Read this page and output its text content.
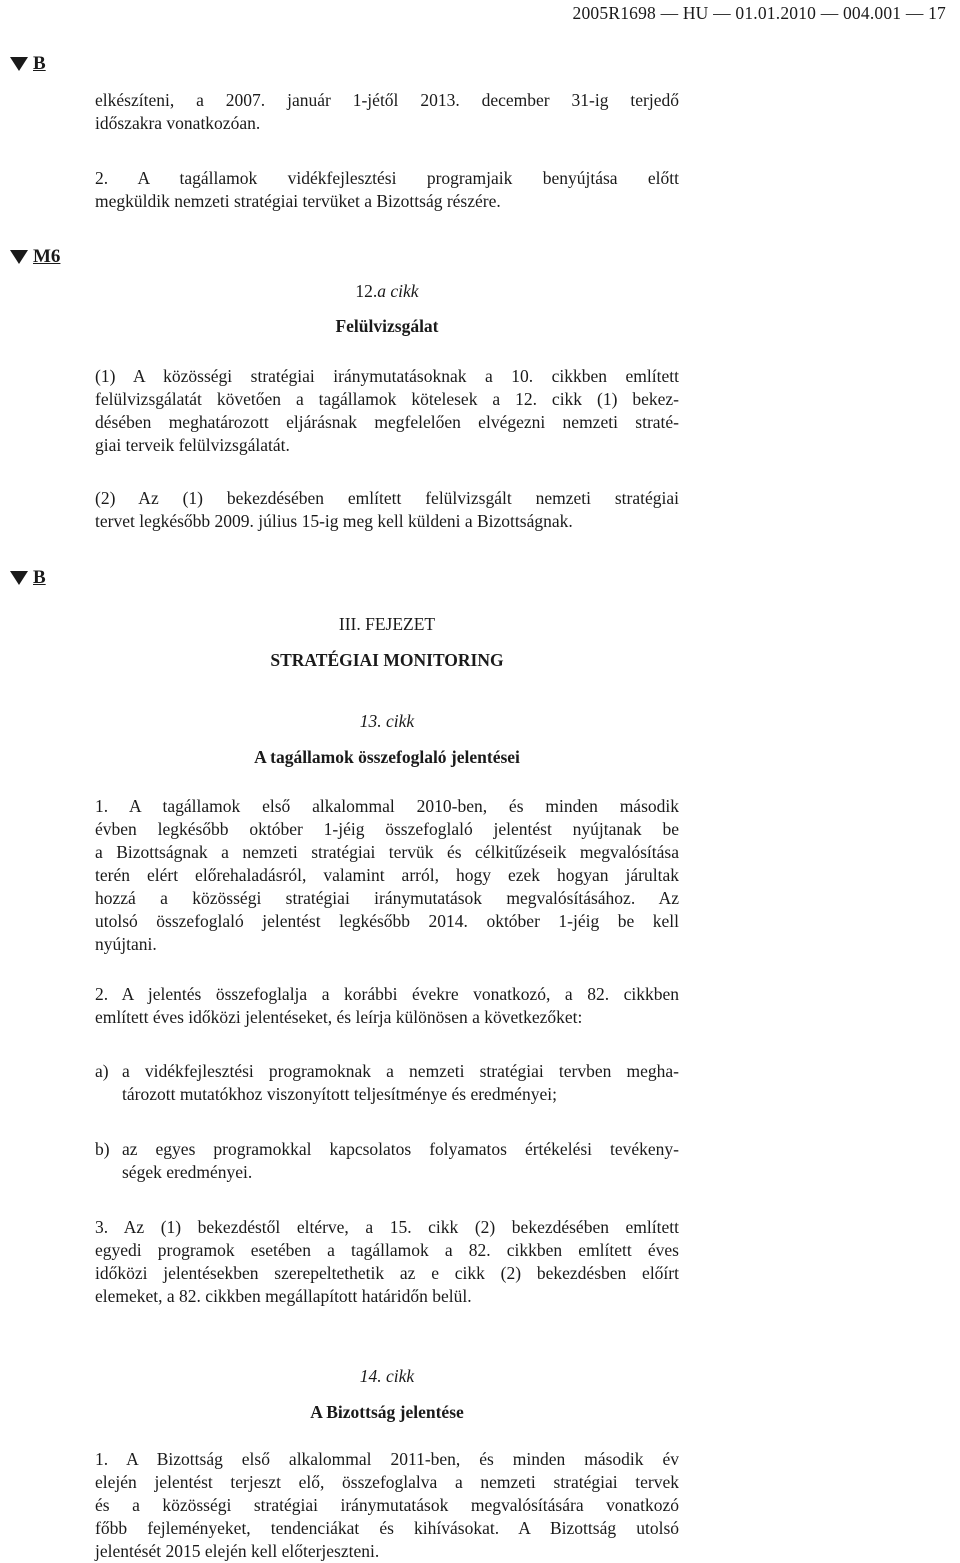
2005R1698 — HU — 01.01.2010 — 004.001 — 17
B
elkészíteni, a 2007. január 1-jétől 2013. december 31-ig terjedő
időszakra vonatkozóan.
2. A tagállamok vidékfejlesztési programjaik benyújtása előtt
megküldik nemzeti stratégiai tervüket a Bizottság részére.
M6

12.a cikk

Felülvizsgálat

(1) A közösségi stratégiai iránymutatásoknak a 10. cikkben említett
felülvizsgálatát követően a tagállamok kötelesek a 12. cikk (1) bekez-
désében meghatározott eljárásnak megfelelően elvégezni nemzeti straté-
giai terveik felülvizsgálatát.
(2) Az (1) bekezdésében említett felülvizsgált nemzeti stratégiai
tervet legkésőbb 2009. július 15-ig meg kell küldeni a Bizottságnak.
B

III. FEJEZET

STRATÉGIAI MONITORING

13. cikk

A tagállamok összefoglaló jelentései

1. A tagállamok első alkalommal 2010-ben, és minden második
évben legkésőbb október 1-jéig összefoglaló jelentést nyújtanak be
a Bizottságnak a nemzeti stratégiai tervük és célkitűzéseik megvalósítása
terén elért előrehaladásról, valamint arról, hogy ezek hogyan járultak
hozzá a közösségi stratégiai iránymutatások megvalósításához. Az
utolsó összefoglaló jelentést legkésőbb 2014. október 1-jéig be kell
nyújtani.
2. A jelentés összefoglalja a korábbi évekre vonatkozó, a 82. cikkben
említett éves időközi jelentéseket, és leírja különösen a következőket:
a) a vidékfejlesztési programoknak a nemzeti stratégiai tervben megha-
tározott mutatókhoz viszonyított teljesítménye és eredményei;
b) az egyes programokkal kapcsolatos folyamatos értékelési tevékeny-
ségek eredményei.
3. Az (1) bekezdéstől eltérve, a 15. cikk (2) bekezdésében említett
egyedi programok esetében a tagállamok a 82. cikkben említett éves
időközi jelentésekben szerepeltethetik az e cikk (2) bekezdésben előírt
elemeket, a 82. cikkben megállapított határidőn belül.

14. cikk

A Bizottság jelentése

1. A Bizottság első alkalommal 2011-ben, és minden második év
elején jelentést terjeszt elő, összefoglalva a nemzeti stratégiai tervek
és a közösségi stratégiai iránymutatások megvalósítására vonatkozó
főbb fejleményeket, tendenciákat és kihívásokat. A Bizottság utolsó
jelentését 2015 elején kell előterjeszteni.
